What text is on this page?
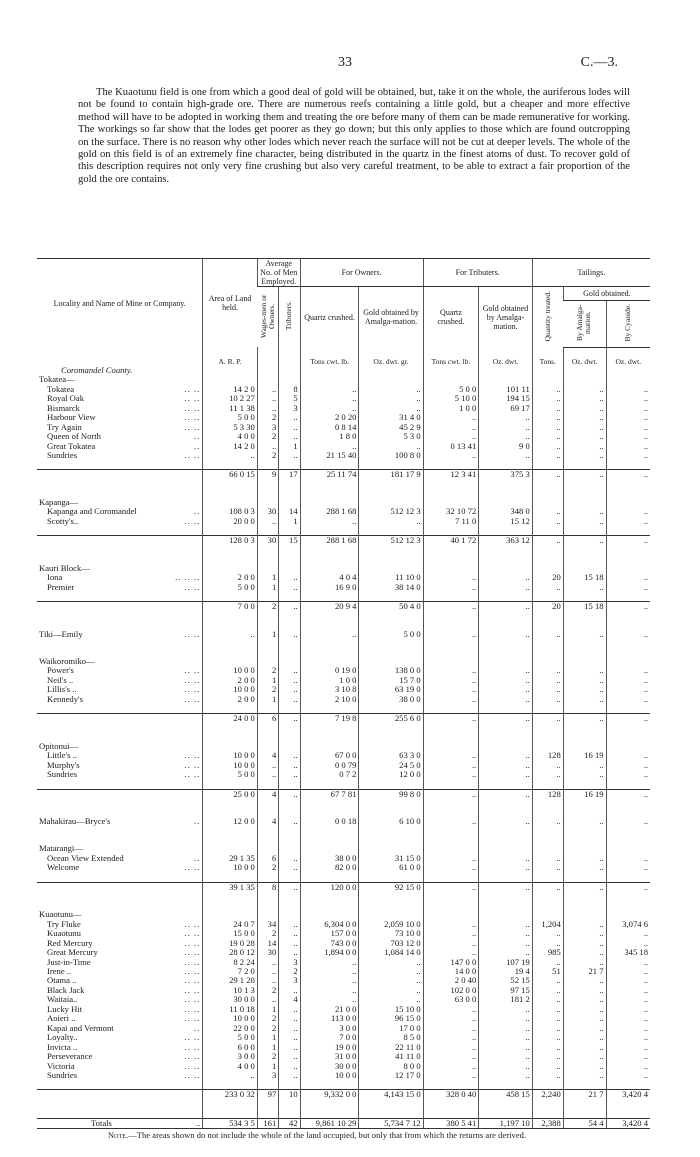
33	C.—3.

The Kuaotunu field is one from which a good deal of gold will be obtained, but, take it on the whole, the auriferous lodes will not be found to contain high-grade ore. There are numerous reefs containing a little gold, but a cheaper and more effective method will have to be adopted in working them and treating the ore before many of them can be made remunerative for working. The workings so far show that the lodes get poorer as they go down; but this only applies to those which are found outcropping on the surface. There is no reason why other lodes which never reach the surface will not be cut at deeper levels. The whole of the gold on this field is of an extremely fine character, being distributed in the quartz in the finest atoms of dust. To recover gold of this description requires not only very fine crushing but also very careful treatment, to be able to extract a fair proportion of the gold the ore contains.

Locality and Name of Mine or Company.	Area of Land held.	Average No. of Men Employed.		For Owners.		For Tributers.		Tailings.		
		Wages-men or Owners.	Tributers.	Quartz crushed.	Gold obtained by Amalga-mation.	Quartz crushed.	Gold obtained by Amalga-mation.	Quantity treated.	Gold obtained.	
									By Amalga-mation.	By Cyanide.

	A. R. P.			Tons cwt. lb.	Oz. dwt. gr.	Tons cwt. lb.	Oz. dwt.	Tons.	Oz. dwt.	Oz. dwt.
Coromandel County.										
Tokatea—										
Tokatea .. ..	14 2 0	..	8	..	..	5 0 0	101 11	..	..	..
Royal Oak .. ..	10 2 27	..	5	..	..	5 10 0	194 15	..	..	..
Bismarck .. ..	11 1 38	..	3	..	..	1 0 0	69 17	..	..	..
Harbour View .. ..	5 0 0	2	..	2 0 20	31 4 0	..	..	..	..	..
Try Again .. ..	5 3 30	3	..	0 8 14	45 2 9	..	..	..	..	..
Queen of North ..	4 0 0	2	..	1 8 0	5 3 0	..	..	..	..	..
Great Tokatea ..	14 2 0	..	1	..	..	0 13 41	9 0	..	..	..
Sundries .. ..	..	2	..	21 15 40	100 8 0	..	..	..	..	..

	66 0 15	9	17	25 11 74	181 17 9	12 3 41	375 3	..	..	..

Kapanga—										
Kapanga and Coromandel ..	108 0 3	30	14	288 1 68	512 12 3	32 10 72	348 0	..	..	..
Scotty's.. .. ..	20 0 0	..	1	..	..	7 11 0	15 12	..	..	..

	128 0 3	30	15	288 1 68	512 12 3	40 1 72	363 12	..	..	..

Kauri Block—										
Iona .. .. ..	2 0 0	1	..	4 0 4	11 10 0	..	..	20	15 18	..
Premier .. ..	5 0 0	1	..	16 9 0	38 14 0	..	..	..	..	..

	7 0 0	2	..	20 9 4	50 4 0	..	..	20	15 18	..

Tiki—Emily .. ..	..	1	..	..	5 0 0	..	..	..	..	..

Waikoromiko—										
Power's .. ..	10 0 0	2	..	0 19 0	138 0 0	..	..	..	..	..
Neil's .. .. ..	2 0 0	1	..	1 0 0	15 7 0	..	..	..	..	..
Lillis's .. .. ..	10 0 0	2	..	3 10 8	63 19 0	..	..	..	..	..
Kennedy's .. ..	2 0 0	1	..	2 10 0	38 0 0	..	..	..	..	..

	24 0 0	6	..	7 19 8	255 6 0	..	..	..	..	..

Opitonui—										
Little's .. .. ..	10 0 0	4	..	67 0 0	63 3 0	..	..	128	16 19	..
Murphy's .. ..	10 0 0	..	..	0 0 79	24 5 0	..	..	..	..	..
Sundries .. ..	5 0 0	..	..	0 7 2	12 0 0	..	..	..	..	..

	25 0 0	4	..	67 7 81	99 8 0	..	..	128	16 19	..

Mahakirau—Bryce's ..	12 0 0	4	..	0 0 18	6 10 0	..	..	..	..	..

Matarangi—										
Ocean View Extended ..	29 1 35	6	..	38 0 0	31 15 0	..	..	..	..	..
Welcome .. ..	10 0 0	2	..	82 0 0	61 0 0	..	..	..	..	..

	39 1 35	8	..	120 0 0	92 15 0	..	..	..	..	..

Kuaotunu—										
Try Fluke .. ..	24 0 7	34	..	6,304 0 0	2,059 10 0	..	..	1,204	..	3,074 6
Kuaotunu .. ..	15 0 0	2	..	157 0 0	73 10 0	..	..	..	..	..
Red Mercury .. ..	19 0 28	14	..	743 0 0	703 12 0	..	..	..	..	..
Great Mercury .. ..	28 0 12	30	..	1,894 0 0	1,084 14 0	..	..	985	..	345 18
Just-in-Time .. ..	8 2 24	..	3	..	..	147 0 0	107 19	..	..	..
Irene .. .. ..	7 2 0	..	2	..	..	14 0 0	19 4	51	21 7	..
Otama .. .. ..	29 1 20	..	3	..	..	2 0 40	52 15	..	..	..
Black Jack .. ..	10 1 3	2	..	..	..	102 0 0	97 15	..	..	..
Waitaia.. .. ..	30 0 0	..	4	..	..	63 0 0	181 2	..	..	..
Lucky Hit .. ..	11 0 18	1	..	21 0 0	15 10 0	..	..	..	..	..
Aoieri .. .. ..	10 0 0	2	..	113 0 0	96 15 0	..	..	..	..	..
Kapai and Vermont ..	22 0 0	2	..	3 0 0	17 0 0	..	..	..	..	..
Loyalty.. .. ..	5 0 0	1	..	7 0 0	8 5 0	..	..	..	..	..
Invicta .. .. ..	6 0 0	1	..	19 0 0	22 11 0	..	..	..	..	..
Perseverance .. ..	3 0 0	2	..	31 0 0	41 11 0	..	..	..	..	..
Victoria .. ..	4 0 0	1	..	30 0 0	8 0 0	..	..	..	..	..
Sundries .. ..	..	3	..	10 0 0	12 17 0	..	..	..	..	..

	233 0 32	97	10	9,332 0 0	4,143 15 0	328 0 40	458 15	2,240	21 7	3,420 4

Totals ..	534 3 5	161	42	9,861 10 29	5,734 7 12	380 5 41	1,197 10	2,388	54 4	3,420 4
Note.—The areas shown do not include the whole of the land occupied, but only that from which the returns are derived.
